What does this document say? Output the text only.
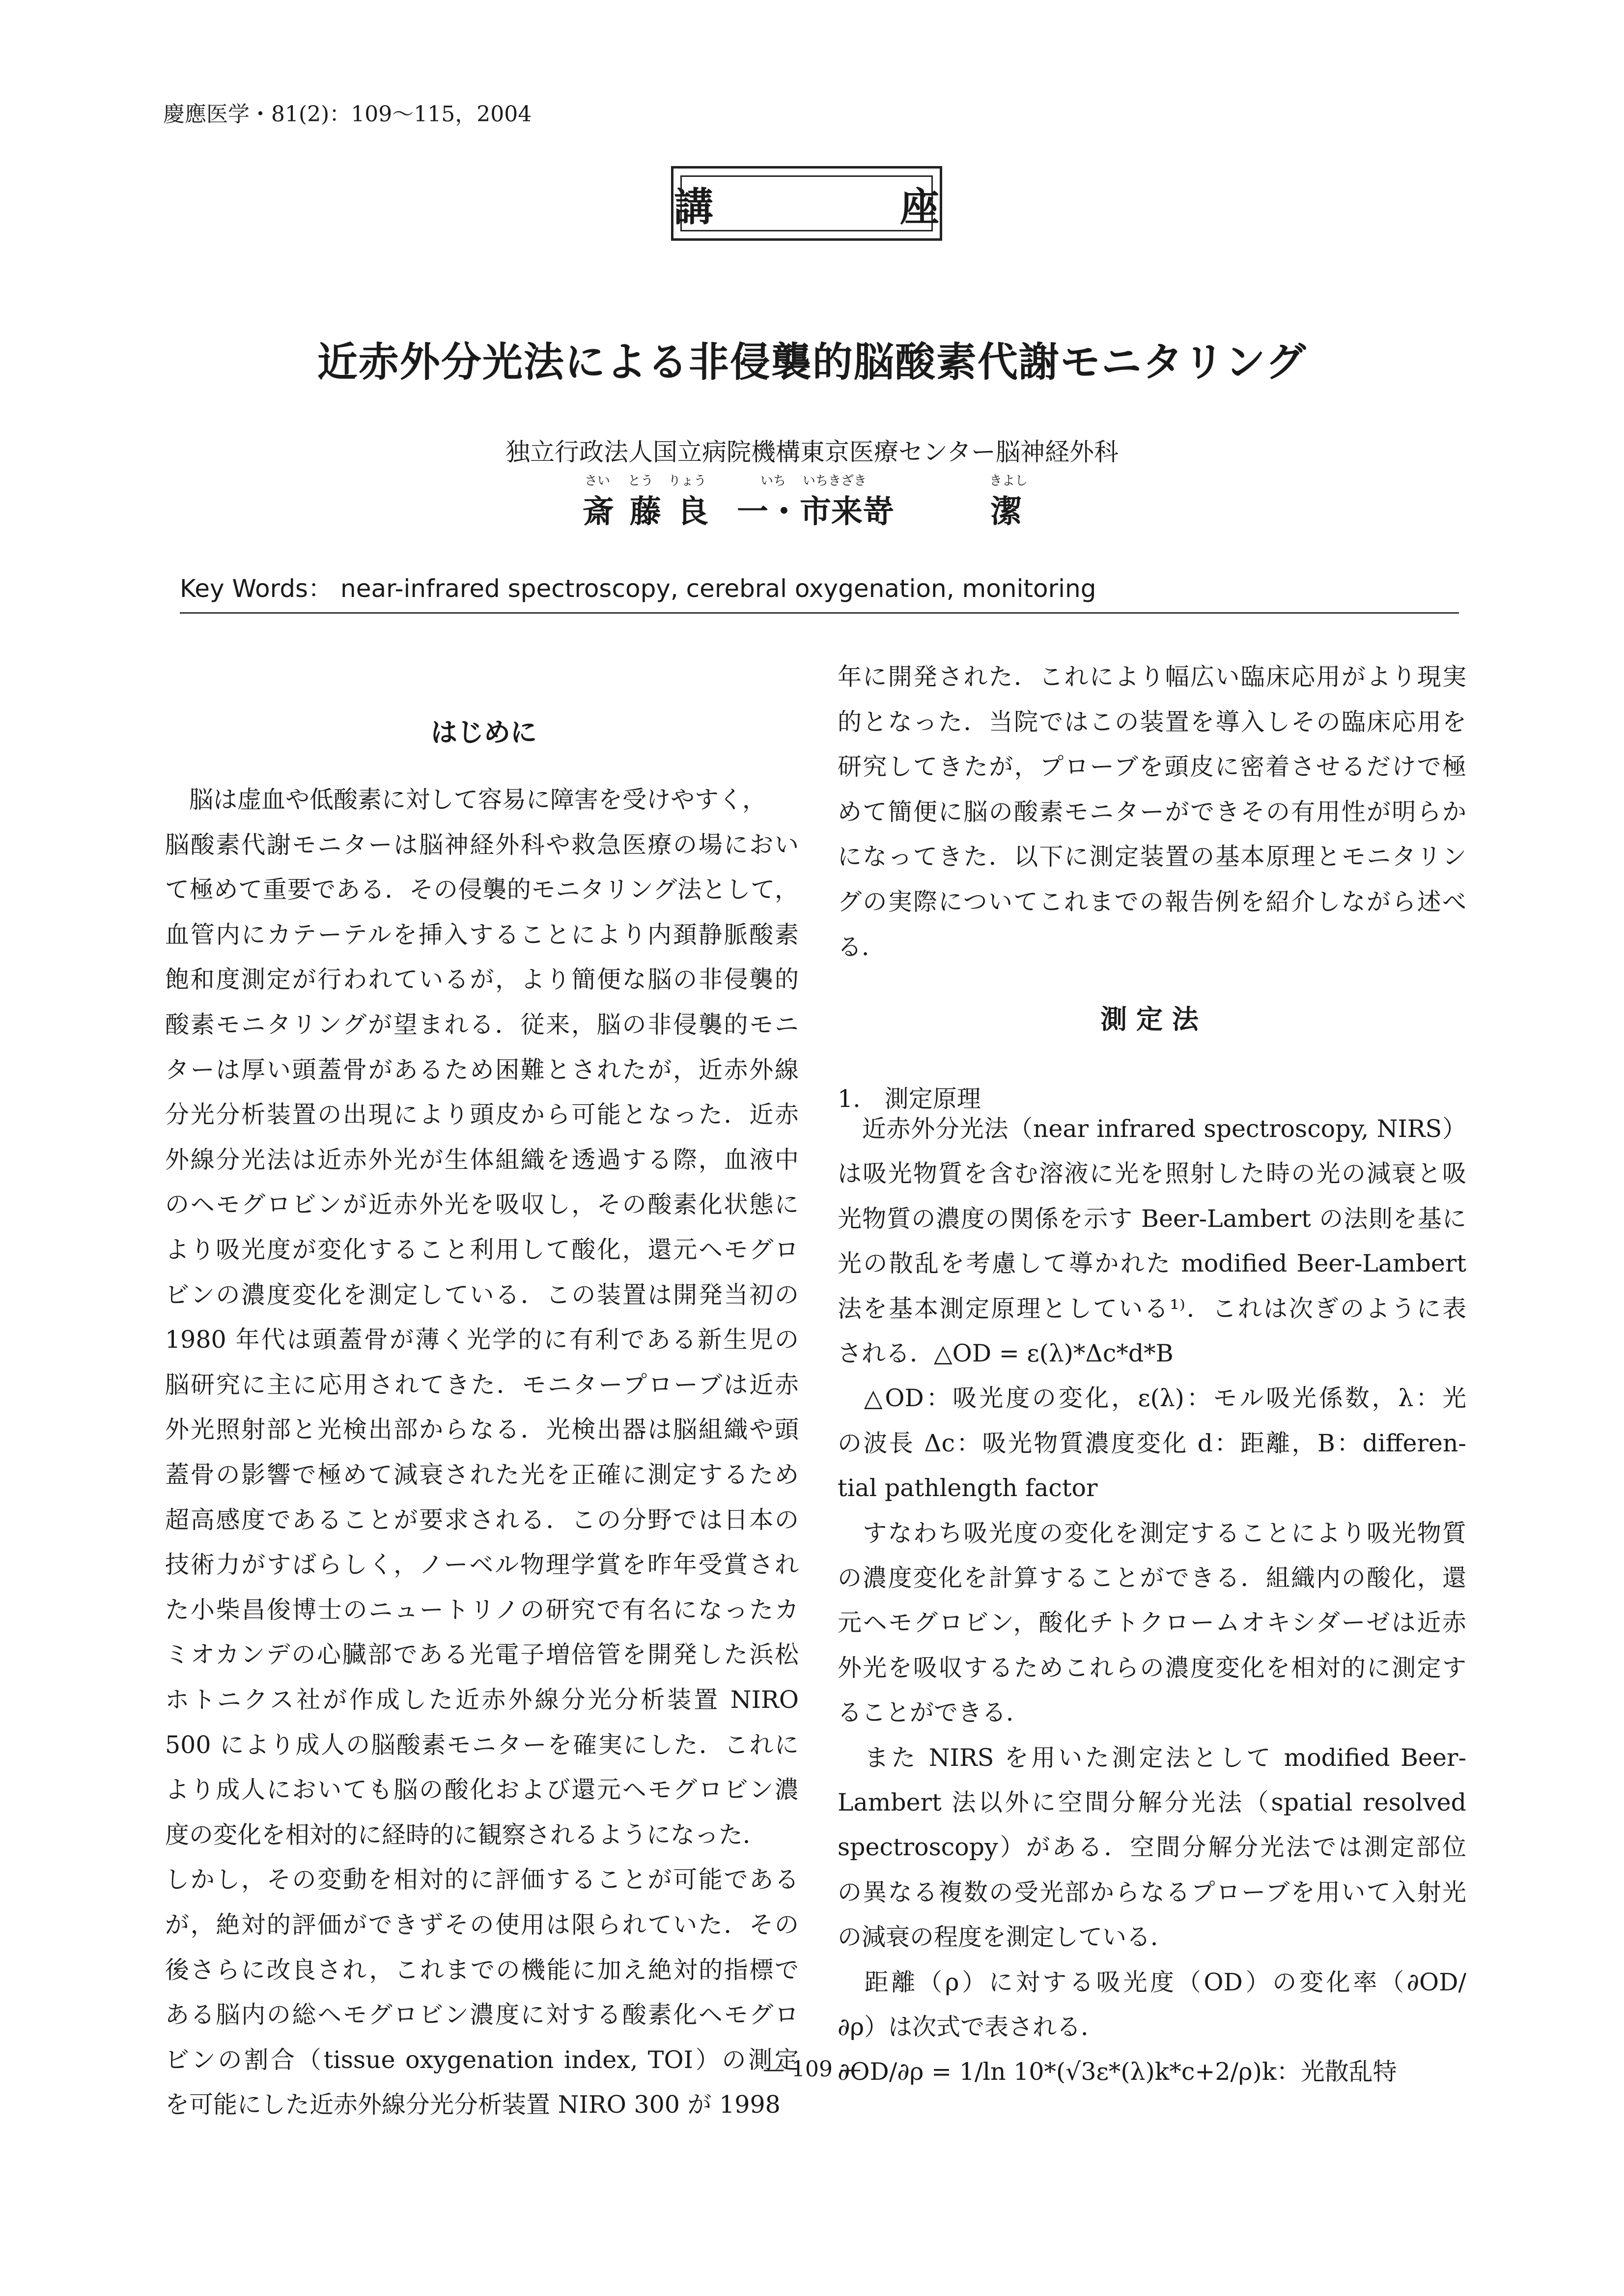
慶應医学・81(2)：109～115，2004
講　座
近赤外分光法による非侵襲的脳酸素代謝モニタリング
独立行政法人国立病院機構東京医療センター脳神経外科
さい とう りょう	いち いちきざき	きよし
斎 藤 良 一・市来嵜	潔
Key Words： near-infrared spectroscopy, cerebral oxygenation, monitoring
はじめに
　脳は虚血や低酸素に対して容易に障害を受けやすく，
脳酸素代謝モニターは脳神経外科や救急医療の場におい
て極めて重要である．その侵襲的モニタリング法として，
血管内にカテーテルを挿入することにより内頚静脈酸素
飽和度測定が行われているが，より簡便な脳の非侵襲的
酸素モニタリングが望まれる．従来，脳の非侵襲的モニ
ターは厚い頭蓋骨があるため困難とされたが，近赤外線
分光分析装置の出現により頭皮から可能となった．近赤
外線分光法は近赤外光が生体組織を透過する際，血液中
のヘモグロビンが近赤外光を吸収し，その酸素化状態に
より吸光度が変化すること利用して酸化，還元ヘモグロ
ビンの濃度変化を測定している．この装置は開発当初の
1980 年代は頭蓋骨が薄く光学的に有利である新生児の
脳研究に主に応用されてきた．モニタープローブは近赤
外光照射部と光検出部からなる．光検出器は脳組織や頭
蓋骨の影響で極めて減衰された光を正確に測定するため
超高感度であることが要求される．この分野では日本の
技術力がすばらしく，ノーベル物理学賞を昨年受賞され
た小柴昌俊博士のニュートリノの研究で有名になったカ
ミオカンデの心臓部である光電子増倍管を開発した浜松
ホトニクス社が作成した近赤外線分光分析装置 NIRO
500 により成人の脳酸素モニターを確実にした．これに
より成人においても脳の酸化および還元ヘモグロビン濃
度の変化を相対的に経時的に観察されるようになった．
しかし，その変動を相対的に評価することが可能である
が，絶対的評価ができずその使用は限られていた．その
後さらに改良され，これまでの機能に加え絶対的指標で
ある脳内の総ヘモグロビン濃度に対する酸素化ヘモグロ
ビンの割合（tissue oxygenation index, TOI）の測定
を可能にした近赤外線分光分析装置 NIRO 300 が 1998
年に開発された．これにより幅広い臨床応用がより現実
的となった．当院ではこの装置を導入しその臨床応用を
研究してきたが，プローブを頭皮に密着させるだけで極
めて簡便に脳の酸素モニターができその有用性が明らか
になってきた．以下に測定装置の基本原理とモニタリン
グの実際についてこれまでの報告例を紹介しながら述べ
る．
測 定 法
1.　測定原理
　近赤外分光法（near infrared spectroscopy, NIRS）
は吸光物質を含む溶液に光を照射した時の光の減衰と吸
光物質の濃度の関係を示す Beer-Lambert の法則を基に
光の散乱を考慮して導かれた modified Beer-Lambert
法を基本測定原理としている¹⁾．これは次ぎのように表
される．△OD = ε(λ)*Δc*d*B
　△OD：吸光度の変化，ε(λ)：モル吸光係数，λ：光
の波長 Δc：吸光物質濃度変化 d：距離，B：differen-
tial pathlength factor
　すなわち吸光度の変化を測定することにより吸光物質
の濃度変化を計算することができる．組織内の酸化，還
元ヘモグロビン，酸化チトクロームオキシダーゼは近赤
外光を吸収するためこれらの濃度変化を相対的に測定す
ることができる．
　また NIRS を用いた測定法として modified Beer-
Lambert 法以外に空間分解分光法（spatial resolved
spectroscopy）がある．空間分解分光法では測定部位
の異なる複数の受光部からなるプローブを用いて入射光
の減衰の程度を測定している．
　距離（ρ）に対する吸光度（OD）の変化率（∂OD/
∂ρ）は次式で表される．
∂OD/∂ρ = 1/ln 10*(√3ε*(λ)k*c+2/ρ)k：光散乱特
— 109 —
